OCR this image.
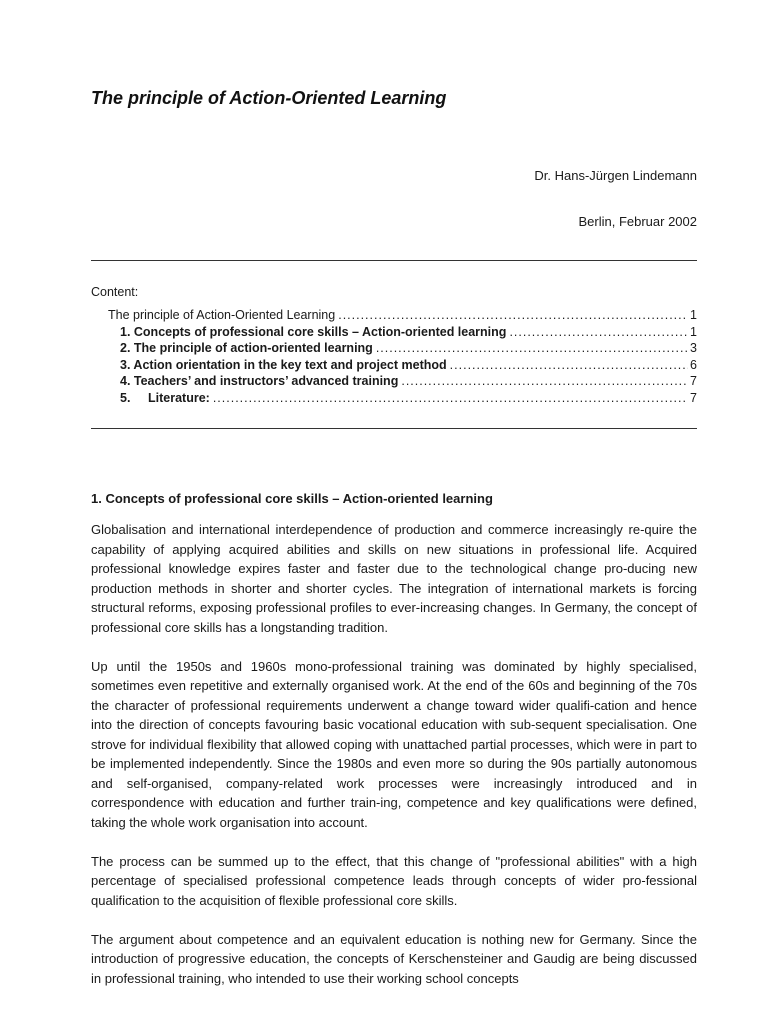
The principle of Action-Oriented Learning
Dr. Hans-Jürgen Lindemann
Berlin, Februar 2002
Content:
The principle of Action-Oriented Learning .....	1
1. Concepts of professional core skills – Action-oriented learning .....	1
2. The principle of action-oriented learning .....	3
3. Action orientation in the key text and project method .....	6
4. Teachers’ and instructors’ advanced training .....	7
5. Literature: .....	7
1. Concepts of professional core skills – Action-oriented learning

Globalisation and international interdependence of production and commerce increasingly re-quire the capability of applying acquired abilities and skills on new situations in professional life. Acquired professional knowledge expires faster and faster due to the technological change pro-ducing new production methods in shorter and shorter cycles. The integration of international markets is forcing structural reforms, exposing professional profiles to ever-increasing changes. In Germany, the concept of professional core skills has a longstanding tradition.

Up until the 1950s and 1960s mono-professional training was dominated by highly specialised, sometimes even repetitive and externally organised work. At the end of the 60s and beginning of the 70s the character of professional requirements underwent a change toward wider qualifi-cation and hence into the direction of concepts favouring basic vocational education with sub-sequent specialisation. One strove for individual flexibility that allowed coping with unattached partial processes, which were in part to be implemented independently. Since the 1980s and even more so during the 90s partially autonomous and self-organised, company-related work processes were increasingly introduced and in correspondence with education and further train-ing, competence and key qualifications were defined, taking the whole work organisation into account.

The process can be summed up to the effect, that this change of "professional abilities" with a high percentage of specialised professional competence leads through concepts of wider pro-fessional qualification to the acquisition of flexible professional core skills.

The argument about competence and an equivalent education is nothing new for Germany. Since the introduction of progressive education, the concepts of Kerschensteiner and Gaudig are being discussed in professional training, who intended to use their working school concepts
